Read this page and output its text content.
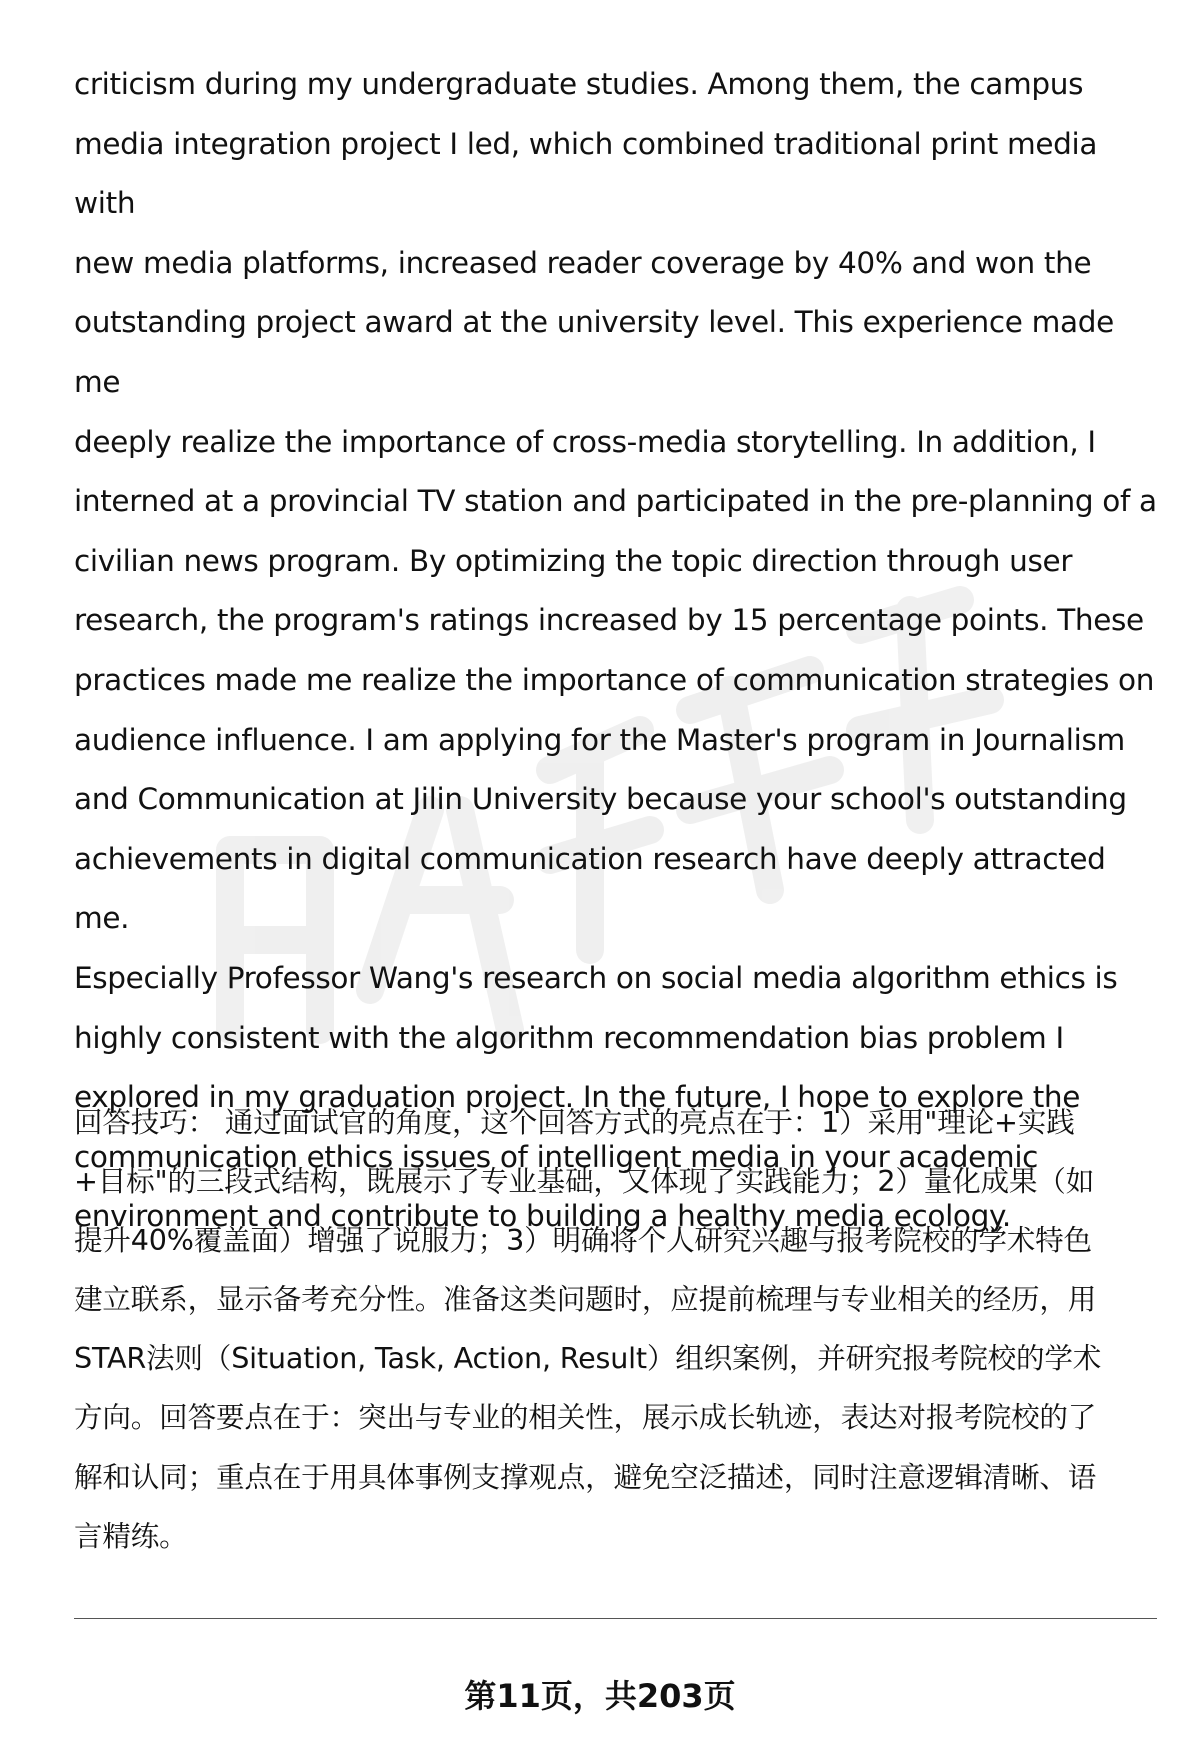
criticism during my undergraduate studies. Among them, the campus
media integration project I led, which combined traditional print media with
new media platforms, increased reader coverage by 40% and won the
outstanding project award at the university level. This experience made me
deeply realize the importance of cross-media storytelling. In addition, I
interned at a provincial TV station and participated in the pre-planning of a
civilian news program. By optimizing the topic direction through user
research, the program's ratings increased by 15 percentage points. These
practices made me realize the importance of communication strategies on
audience influence. I am applying for the Master's program in Journalism
and Communication at Jilin University because your school's outstanding
achievements in digital communication research have deeply attracted me.
Especially Professor Wang's research on social media algorithm ethics is
highly consistent with the algorithm recommendation bias problem I
explored in my graduation project. In the future, I hope to explore the
communication ethics issues of intelligent media in your academic
environment and contribute to building a healthy media ecology.

回答技巧： 通过面试官的角度，这个回答方式的亮点在于：1）采用"理论+实践
+目标"的三段式结构，既展示了专业基础，又体现了实践能力；2）量化成果（如
提升40%覆盖面）增强了说服力；3）明确将个人研究兴趣与报考院校的学术特色
建立联系，显示备考充分性。准备这类问题时，应提前梳理与专业相关的经历，用
STAR法则（Situation, Task, Action, Result）组织案例，并研究报考院校的学术
方向。回答要点在于：突出与专业的相关性，展示成长轨迹，表达对报考院校的了
解和认同；重点在于用具体事例支撑观点，避免空泛描述，同时注意逻辑清晰、语
言精练。

第11页，共203页
